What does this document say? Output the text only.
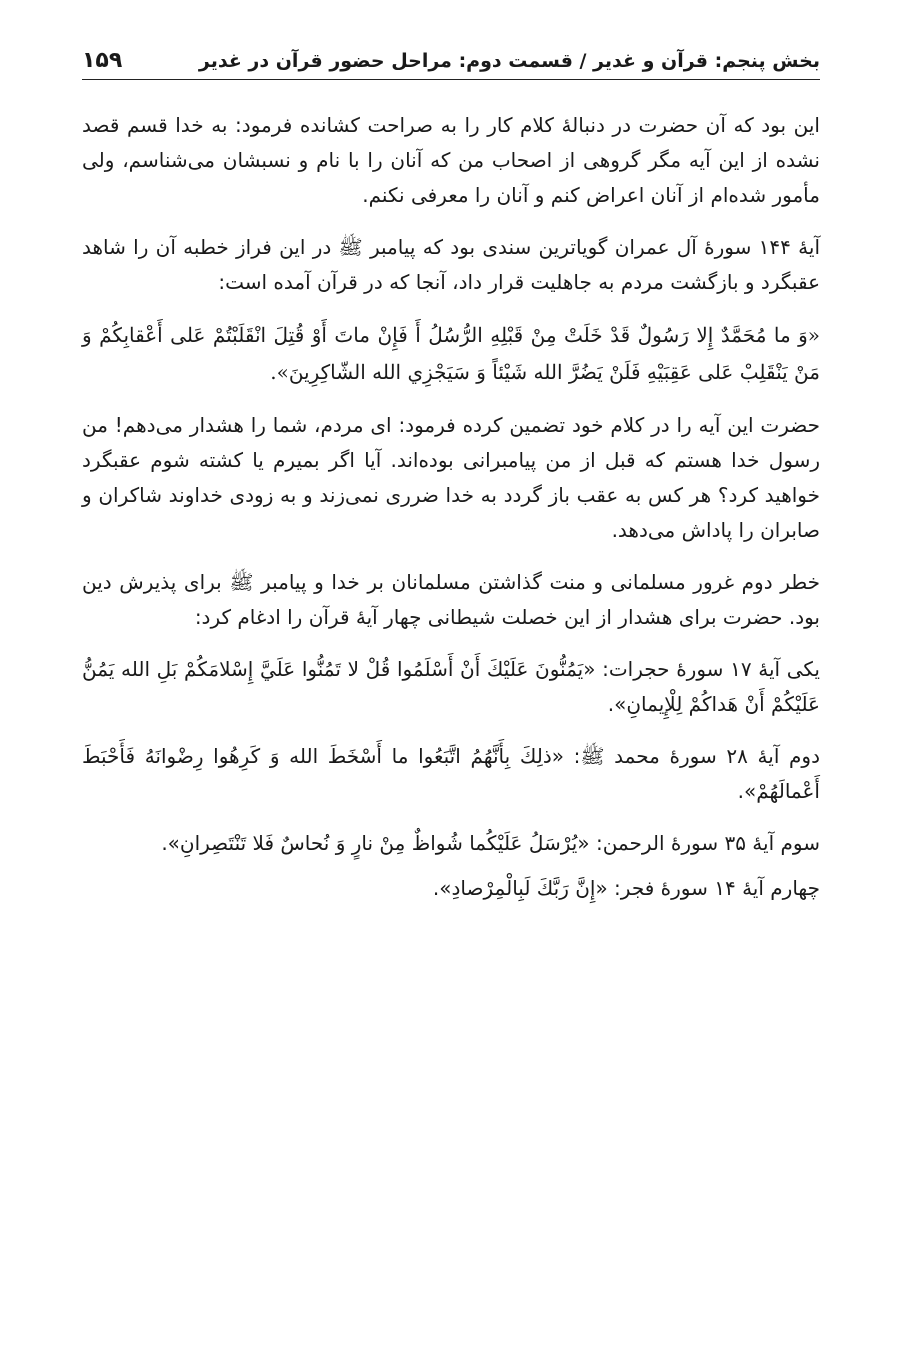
بخش پنجم: قرآن و غدیر / قسمت دوم: مراحل حضور قرآن در غدیر
۱۵۹

این بود که آن حضرت در دنبالهٔ کلام کار را به صراحت کشانده فرمود: به خدا قسم قصد نشده از این آیه مگر گروهی از اصحاب من که آنان را با نام و نسبشان می‌شناسم، ولی مأمور شده‌ام از آنان اعراض کنم و آنان را معرفی نکنم.

آیهٔ ۱۴۴ سورهٔ آل عمران گویاترین سندی بود که پیامبر ﷺ در این فراز خطبه آن را شاهد عقبگرد و بازگشت مردم به جاهلیت قرار داد، آنجا که در قرآن آمده است:

«وَ ما مُحَمَّدٌ إِلا رَسُولٌ قَدْ خَلَتْ مِنْ قَبْلِهِ الرُّسُلُ أَ فَإِنْ ماتَ أَوْ قُتِلَ انْقَلَبْتُمْ عَلی أَعْقابِكُمْ وَ مَنْ يَنْقَلِبْ عَلی عَقِبَيْهِ فَلَنْ يَضُرَّ الله شَيْئاً وَ سَيَجْزِي الله الشّاكِرِينَ».

حضرت این آیه را در کلام خود تضمین کرده فرمود: ای مردم، شما را هشدار می‌دهم! من رسول خدا هستم که قبل از من پیامبرانی بوده‌اند. آیا اگر بمیرم یا کشته شوم عقبگرد خواهید کرد؟ هر کس به عقب باز گردد به خدا ضرری نمی‌زند و به زودی خداوند شاکران و صابران را پاداش می‌دهد.

خطر دوم غرور مسلمانی و منت گذاشتن مسلمانان بر خدا و پیامبر ﷺ برای پذیرش دین بود. حضرت برای هشدار از این خصلت شیطانی چهار آیهٔ قرآن را ادغام کرد:

یکی آیهٔ ۱۷ سورهٔ حجرات: «يَمُنُّونَ عَلَيْكَ أَنْ أَسْلَمُوا قُلْ لا تَمُنُّوا عَلَيَّ إِسْلامَكُمْ بَلِ الله يَمُنُّ عَلَيْكُمْ أَنْ هَداكُمْ لِلْإِيمانِ».

دوم آیهٔ ۲۸ سورهٔ محمد ﷺ: «ذلِكَ بِأَنَّهُمُ اتَّبَعُوا ما أَسْخَطَ الله وَ كَرِهُوا رِضْوانَهُ فَأَحْبَطَ أَعْمالَهُمْ».

سوم آیهٔ ۳۵ سورهٔ الرحمن: «يُرْسَلُ عَلَيْكُما شُواظٌ مِنْ نارٍ وَ نُحاسٌ فَلا تَنْتَصِرانِ».

چهارم آیهٔ ۱۴ سورهٔ فجر: «إِنَّ رَبَّكَ لَبِالْمِرْصادِ».
